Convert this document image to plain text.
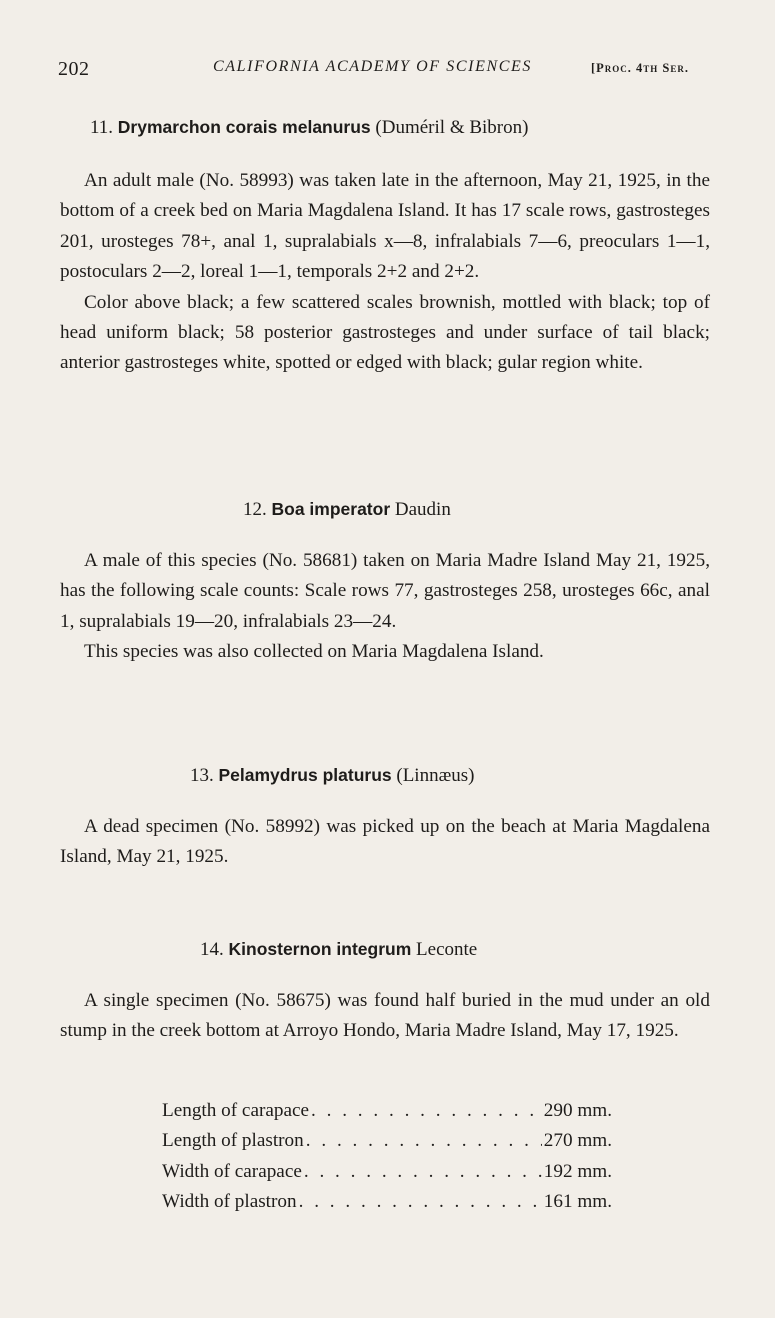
202	CALIFORNIA ACADEMY OF SCIENCES	[Proc. 4th Ser.
11. Drymarchon corais melanurus (Duméril & Bibron)

An adult male (No. 58993) was taken late in the afternoon, May 21, 1925, in the bottom of a creek bed on Maria Magdalena Island. It has 17 scale rows, gastrosteges 201, urosteges 78+, anal 1, supralabials x—8, infralabials 7—6, preoculars 1—1, postoculars 2—2, loreal 1—1, temporals 2+2 and 2+2.

Color above black; a few scattered scales brownish, mottled with black; top of head uniform black; 58 posterior gastrosteges and under surface of tail black; anterior gastrosteges white, spotted or edged with black; gular region white.

12. Boa imperator Daudin

A male of this species (No. 58681) taken on Maria Madre Island May 21, 1925, has the following scale counts: Scale rows 77, gastrosteges 258, urosteges 66c, anal 1, supralabials 19—20, infralabials 23—24.

This species was also collected on Maria Magdalena Island.

13. Pelamydrus platurus (Linnæus)

A dead specimen (No. 58992) was picked up on the beach at Maria Magdalena Island, May 21, 1925.

14. Kinosternon integrum Leconte

A single specimen (No. 58675) was found half buried in the mud under an old stump in the creek bottom at Arroyo Hondo, Maria Madre Island, May 17, 1925.

Length of carapace . . .	290 mm.
Length of plastron . . .	270 mm.
Width of carapace . . .	192 mm.
Width of plastron . . .	161 mm.
